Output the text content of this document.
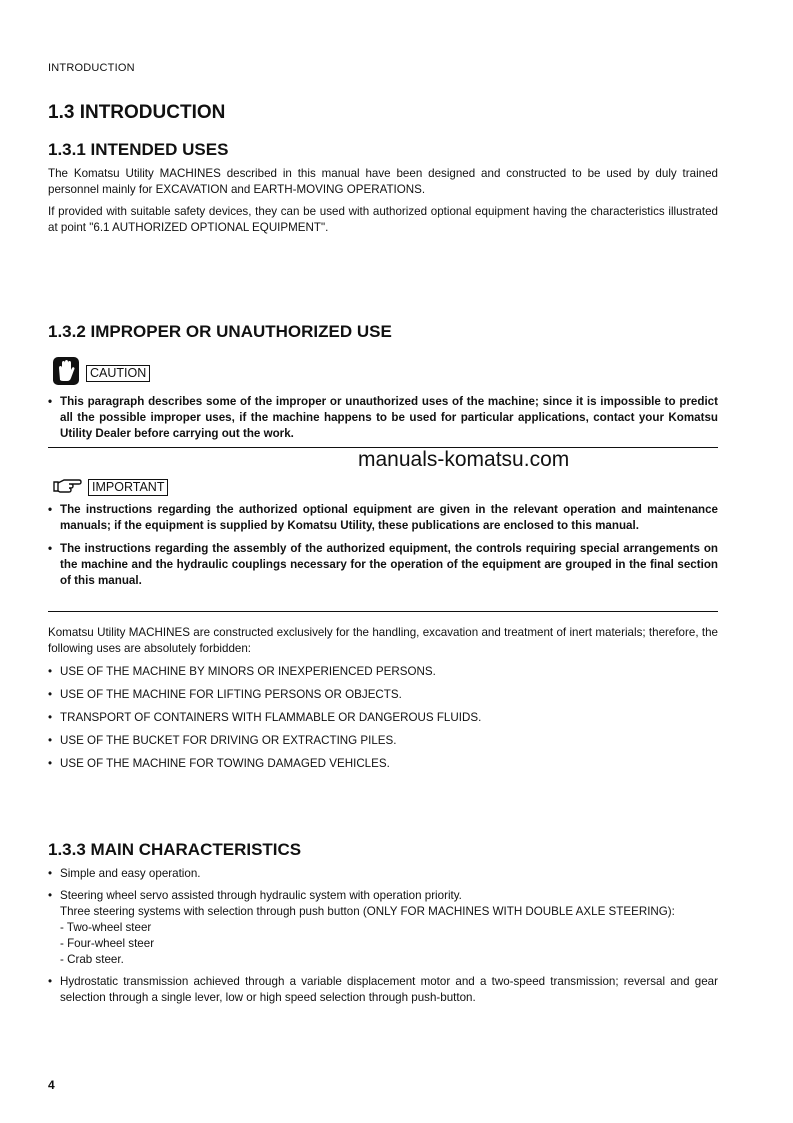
INTRODUCTION
1.3 INTRODUCTION
1.3.1 INTENDED USES
The Komatsu Utility MACHINES described in this manual have been designed and constructed to be used by duly trained personnel mainly for EXCAVATION and EARTH-MOVING OPERATIONS.
If provided with suitable safety devices, they can be used with authorized optional equipment having the characteristics illustrated at point "6.1 AUTHORIZED OPTIONAL EQUIPMENT".
1.3.2 IMPROPER OR UNAUTHORIZED USE
CAUTION
• This paragraph describes some of the improper or unauthorized uses of the machine; since it is impossible to predict all the possible improper uses, if the machine happens to be used for particular applications, contact your Komatsu Utility Dealer before carrying out the work.
manuals-komatsu.com
IMPORTANT
• The instructions regarding the authorized optional equipment are given in the relevant operation and maintenance manuals; if the equipment is supplied by Komatsu Utility, these publications are enclosed to this manual.
• The instructions regarding the assembly of the authorized equipment, the controls requiring special arrangements on the machine and the hydraulic couplings necessary for the operation of the equipment are grouped in the final section of this manual.
Komatsu Utility MACHINES are constructed exclusively for the handling, excavation and treatment of inert materials; therefore, the following uses are absolutely forbidden:
• USE OF THE MACHINE BY MINORS OR INEXPERIENCED PERSONS.
• USE OF THE MACHINE FOR LIFTING PERSONS OR OBJECTS.
• TRANSPORT OF CONTAINERS WITH FLAMMABLE OR DANGEROUS FLUIDS.
• USE OF THE BUCKET FOR DRIVING OR EXTRACTING PILES.
• USE OF THE MACHINE FOR TOWING DAMAGED VEHICLES.
1.3.3 MAIN CHARACTERISTICS
• Simple and easy operation.
• Steering wheel servo assisted through hydraulic system with operation priority.
Three steering systems with selection through push button (ONLY FOR MACHINES WITH DOUBLE AXLE STEERING):
- Two-wheel steer
- Four-wheel steer
- Crab steer.
• Hydrostatic transmission achieved through a variable displacement motor and a two-speed transmission; reversal and gear selection through a single lever, low or high speed selection through push-button.
4
